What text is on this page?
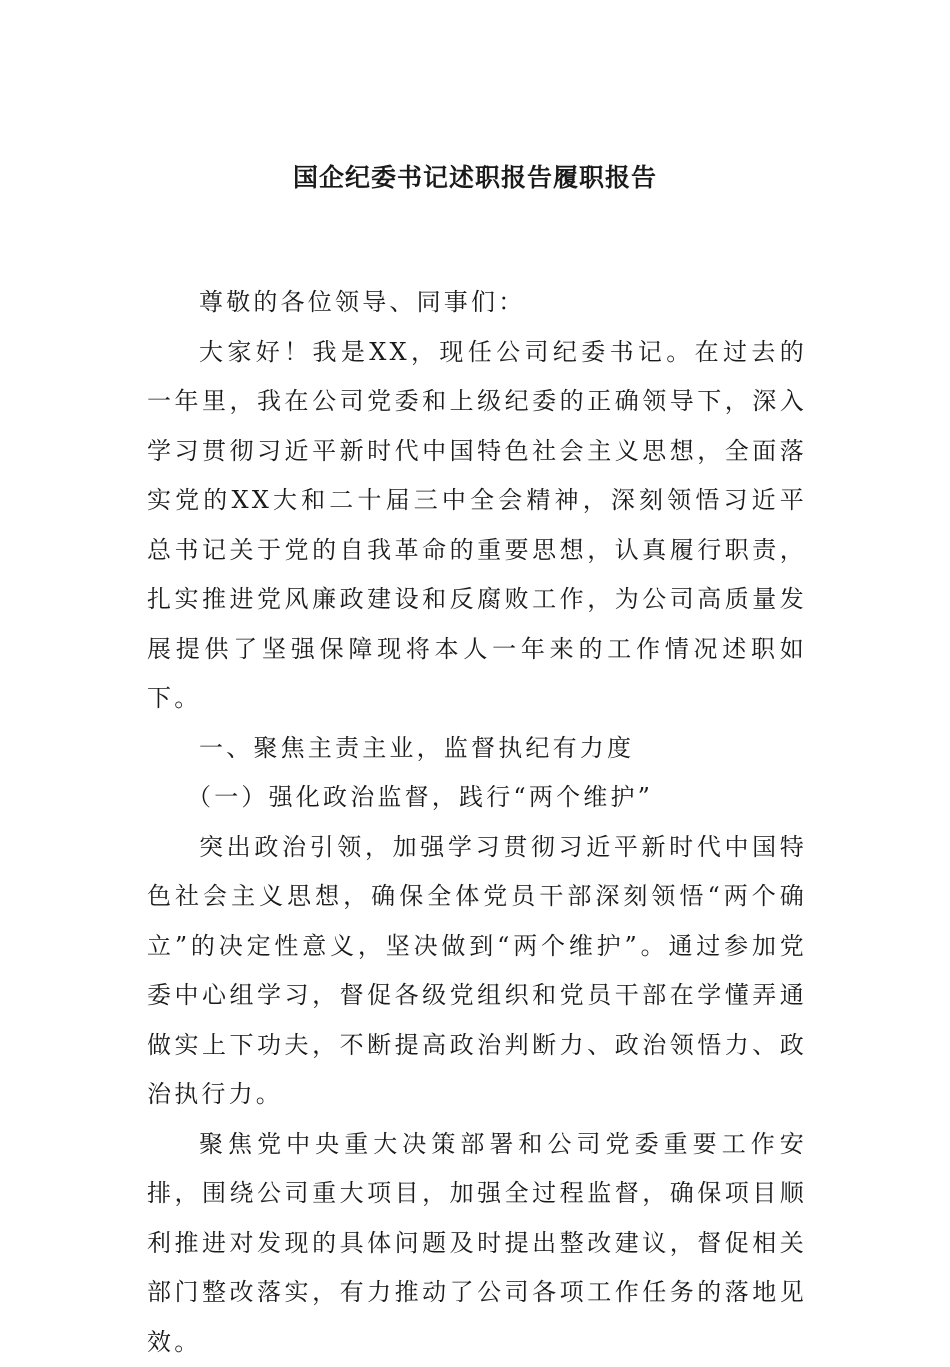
国企纪委书记述职报告履职报告

尊敬的各位领导、同事们：

大家好！我是XX，现任公司纪委书记。在过去的一年里，我在公司党委和上级纪委的正确领导下，深入学习贯彻习近平新时代中国特色社会主义思想，全面落实党的XX大和二十届三中全会精神，深刻领悟习近平总书记关于党的自我革命的重要思想，认真履行职责，扎实推进党风廉政建设和反腐败工作，为公司高质量发展提供了坚强保障现将本人一年来的工作情况述职如下。

一、聚焦主责主业，监督执纪有力度

（一）强化政治监督，践行“两个维护”

突出政治引领，加强学习贯彻习近平新时代中国特色社会主义思想，确保全体党员干部深刻领悟“两个确立”的决定性意义，坚决做到“两个维护”。通过参加党委中心组学习，督促各级党组织和党员干部在学懂弄通做实上下功夫，不断提高政治判断力、政治领悟力、政治执行力。

聚焦党中央重大决策部署和公司党委重要工作安排，围绕公司重大项目，加强全过程监督，确保项目顺利推进对发现的具体问题及时提出整改建议，督促相关部门整改落实，有力推动了公司各项工作任务的落地见效。
